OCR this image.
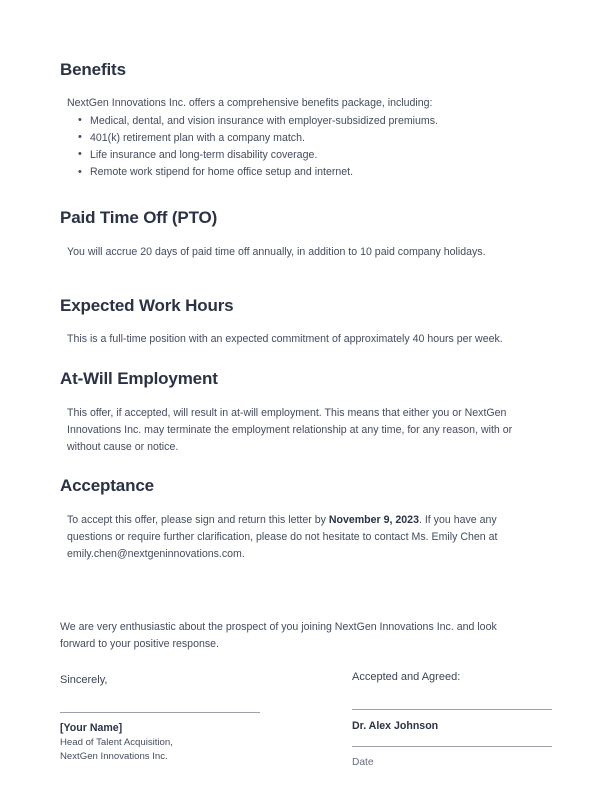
Benefits

NextGen Innovations Inc. offers a comprehensive benefits package, including:

• Medical, dental, and vision insurance with employer-subsidized premiums.
• 401(k) retirement plan with a company match.
• Life insurance and long-term disability coverage.
• Remote work stipend for home office setup and internet.
Paid Time Off (PTO)

You will accrue 20 days of paid time off annually, in addition to 10 paid company holidays.

Expected Work Hours

This is a full-time position with an expected commitment of approximately 40 hours per week.

At-Will Employment

This offer, if accepted, will result in at-will employment. This means that either you or NextGen Innovations Inc. may terminate the employment relationship at any time, for any reason, with or without cause or notice.

Acceptance

To accept this offer, please sign and return this letter by November 9, 2023. If you have any questions or require further clarification, please do not hesitate to contact Ms. Emily Chen at emily.chen@nextgeninnovations.com.

We are very enthusiastic about the prospect of you joining NextGen Innovations Inc. and look forward to your positive response.

Sincerely,

[Your Name]
Head of Talent Acquisition,
NextGen Innovations Inc.

Accepted and Agreed:

Dr. Alex Johnson
Date
